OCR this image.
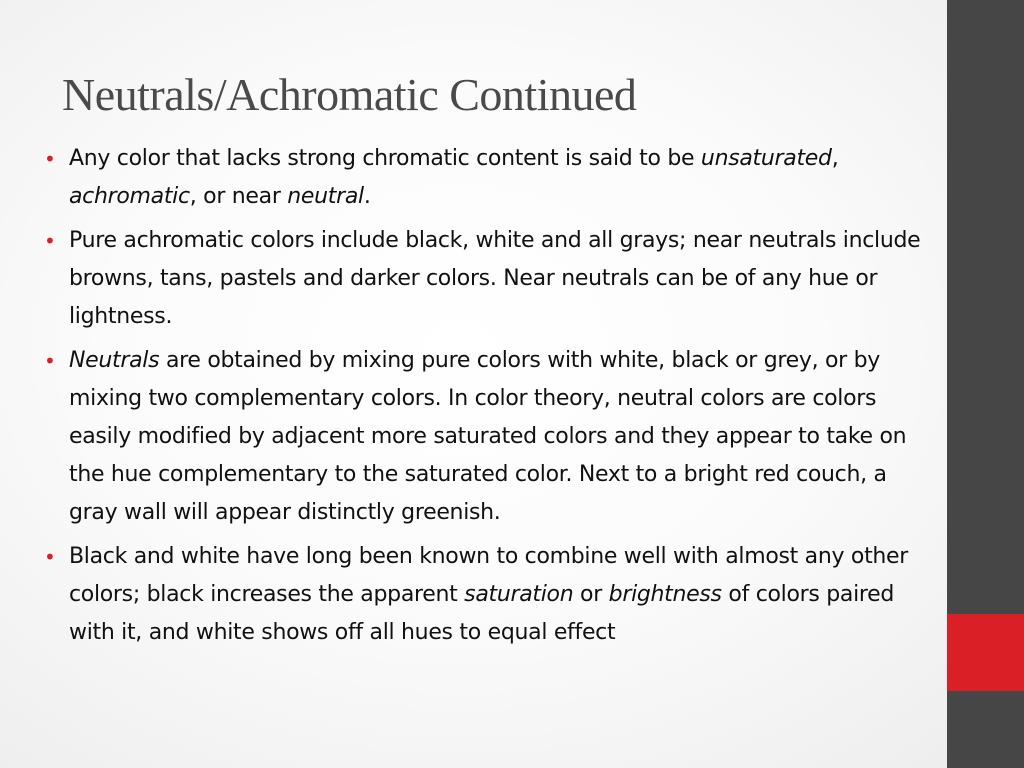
Neutrals/Achromatic Continued
• Any color that lacks strong chromatic content is said to be unsaturated, achromatic, or near neutral.
• Pure achromatic colors include black, white and all grays; near neutrals include browns, tans, pastels and darker colors. Near neutrals can be of any hue or lightness.
• Neutrals are obtained by mixing pure colors with white, black or grey, or by mixing two complementary colors. In color theory, neutral colors are colors easily modified by adjacent more saturated colors and they appear to take on the hue complementary to the saturated color. Next to a bright red couch, a gray wall will appear distinctly greenish.
• Black and white have long been known to combine well with almost any other colors; black increases the apparent saturation or brightness of colors paired with it, and white shows off all hues to equal effect
